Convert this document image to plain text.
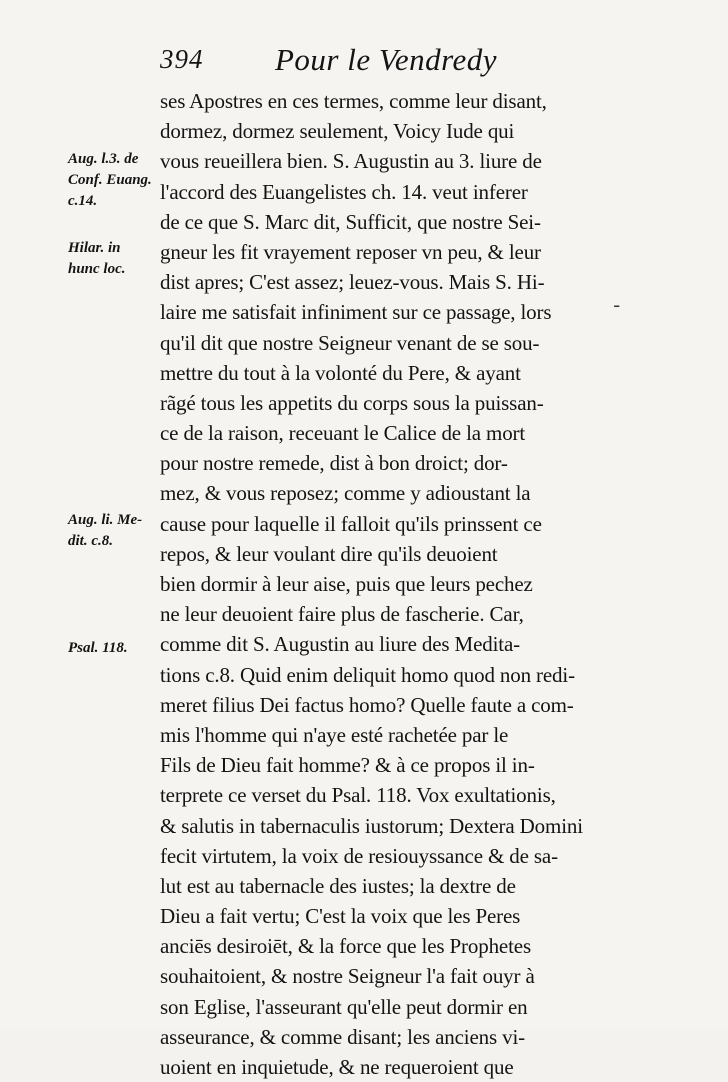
394 Pour le Vendredy
ses Apostres en ces termes, comme leur disant,
dormez, dormez seulement, Voicy Iude qui
vous reueillera bien. S. Augustin au 3. liure de
l'accord des Euangelistes ch. 14. veut inferer
de ce que S. Marc dit, Sufficit, que nostre Sei-
gneur les fit vrayement reposer vn peu, & leur
dist apres; C'est assez; leuez-vous. Mais S. Hi-
laire me satisfait infiniment sur ce passage, lors
qu'il dit que nostre Seigneur venant de se sou-
mettre du tout à la volonté du Pere, & ayant
rãgé tous les appetits du corps sous la puissan-
ce de la raison, receuant le Calice de la mort
pour nostre remede, dist à bon droict; dor-
mez, & vous reposez; comme y adioustant la
cause pour laquelle il falloit qu'ils prinssent ce
repos, & leur voulant dire qu'ils deuoient
bien dormir à leur aise, puis que leurs pechez
ne leur deuoient faire plus de fascherie. Car,
comme dit S. Augustin au liure des Medita-
tions c.8. Quid enim deliquit homo quod non redi-
meret filius Dei factus homo? Quelle faute a com-
mis l'homme qui n'aye esté rachetée par le
Fils de Dieu fait homme? & à ce propos il in-
terprete ce verset du Psal. 118. Vox exultationis,
& salutis in tabernaculis iustorum; Dextera Domini
fecit virtutem, la voix de resiouyssance & de sa-
lut est au tabernacle des iustes; la dextre de
Dieu a fait vertu; C'est la voix que les Peres
anciēs desiroiēt, & la force que les Prophetes
souhaitoient, & nostre Seigneur l'a fait ouyr à
son Eglise, l'asseurant qu'elle peut dormir en
asseurance, & comme disant; les anciens vi-
uoient en inquietude, & ne requeroient que
Aug. l.3. de
Conf. Euang.
c.14.
Hilar. in
hunc loc.
Aug. li. Me-
dit. c.8.
Psal. 118.
-
